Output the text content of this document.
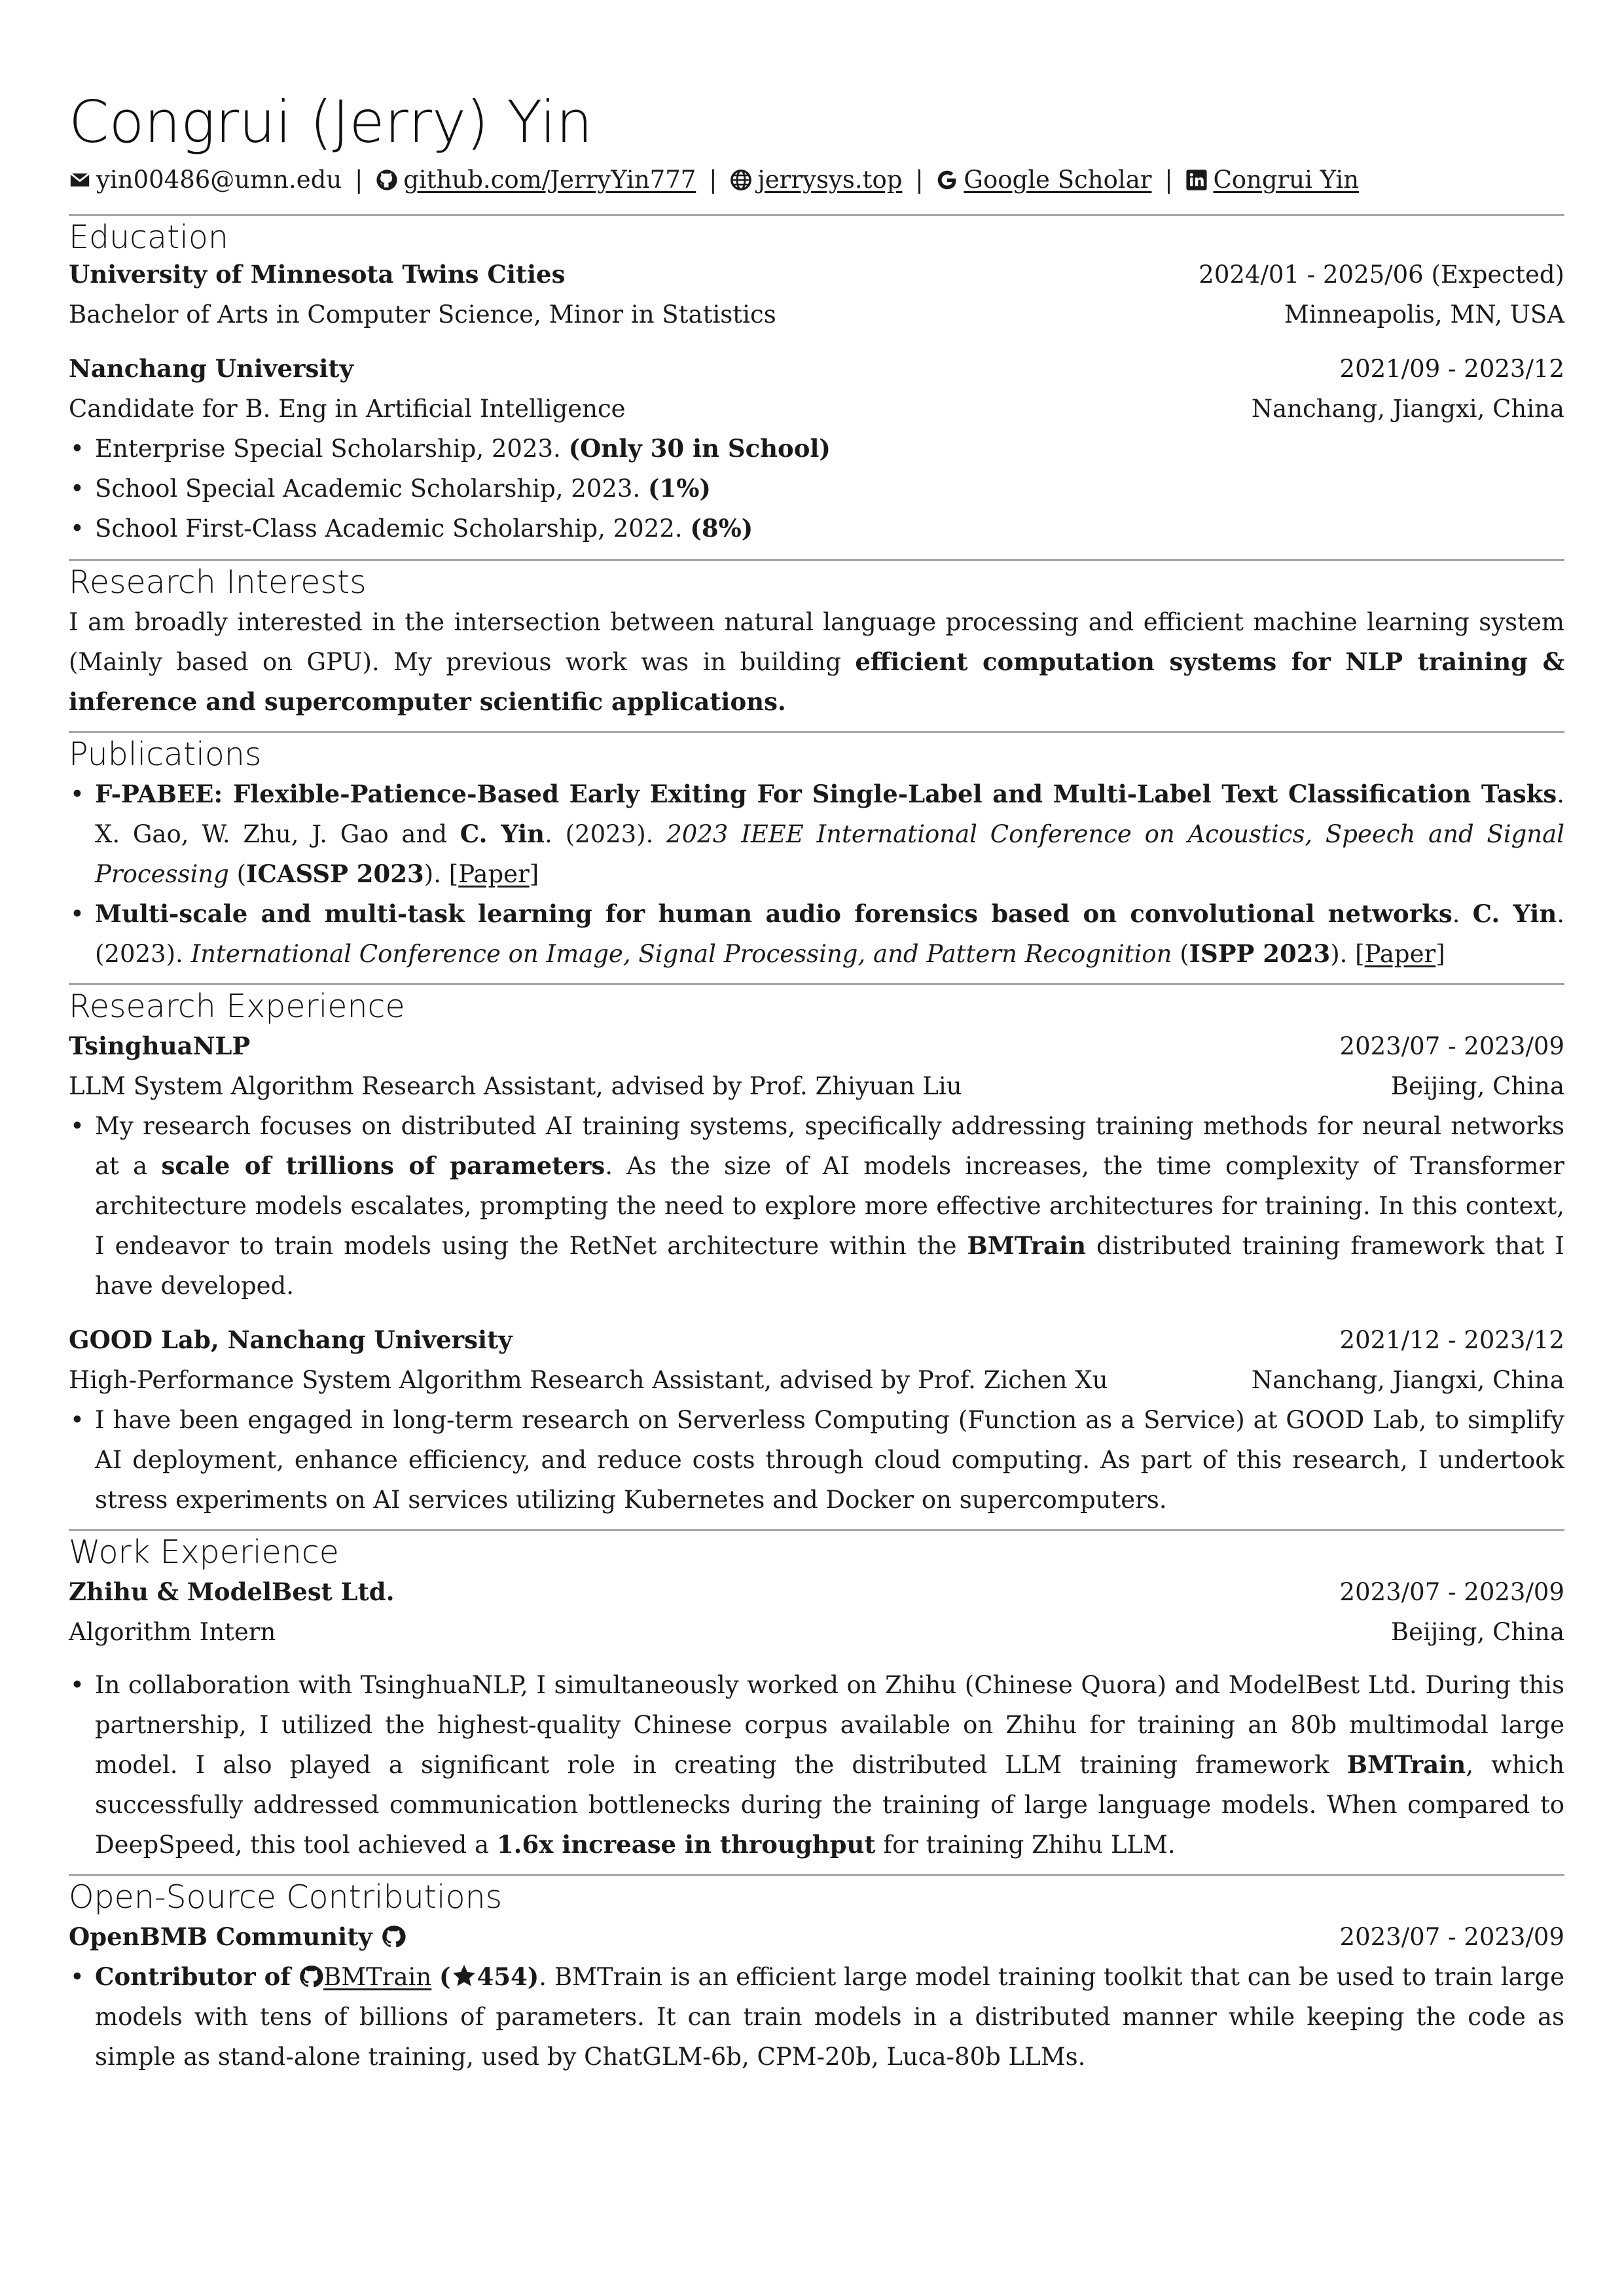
Congrui (Jerry) Yin
yin00486@umn.edu | github.com/JerryYin777 | jerrysys.top | Google Scholar | Congrui Yin
Education
University of Minnesota Twins Cities	2024/01 - 2025/06 (Expected)
Bachelor of Arts in Computer Science, Minor in Statistics	Minneapolis, MN, USA
Nanchang University	2021/09 - 2023/12
Candidate for B. Eng in Artificial Intelligence	Nanchang, Jiangxi, China
• Enterprise Special Scholarship, 2023. (Only 30 in School)
• School Special Academic Scholarship, 2023. (1%)
• School First-Class Academic Scholarship, 2022. (8%)
Research Interests
I am broadly interested in the intersection between natural language processing and efficient machine learning system (Mainly based on GPU). My previous work was in building efficient computation systems for NLP training & inference and supercomputer scientific applications.
Publications
• F-PABEE: Flexible-Patience-Based Early Exiting For Single-Label and Multi-Label Text Classification Tasks. X. Gao, W. Zhu, J. Gao and C. Yin. (2023). 2023 IEEE International Conference on Acoustics, Speech and Signal Processing (ICASSP 2023). [Paper]
• Multi-scale and multi-task learning for human audio forensics based on convolutional networks. C. Yin. (2023). International Conference on Image, Signal Processing, and Pattern Recognition (ISPP 2023). [Paper]
Research Experience
TsinghuaNLP	2023/07 - 2023/09
LLM System Algorithm Research Assistant, advised by Prof. Zhiyuan Liu	Beijing, China
• My research focuses on distributed AI training systems, specifically addressing training methods for neural networks at a scale of trillions of parameters. As the size of AI models increases, the time complexity of Transformer architecture models escalates, prompting the need to explore more effective architectures for training. In this context, I endeavor to train models using the RetNet architecture within the BMTrain distributed training framework that I have developed.
GOOD Lab, Nanchang University	2021/12 - 2023/12
High-Performance System Algorithm Research Assistant, advised by Prof. Zichen Xu	Nanchang, Jiangxi, China
• I have been engaged in long-term research on Serverless Computing (Function as a Service) at GOOD Lab, to simplify AI deployment, enhance efficiency, and reduce costs through cloud computing. As part of this research, I undertook stress experiments on AI services utilizing Kubernetes and Docker on supercomputers.
Work Experience
Zhihu & ModelBest Ltd.	2023/07 - 2023/09
Algorithm Intern	Beijing, China
• In collaboration with TsinghuaNLP, I simultaneously worked on Zhihu (Chinese Quora) and ModelBest Ltd. During this partnership, I utilized the highest-quality Chinese corpus available on Zhihu for training an 80b multimodal large model. I also played a significant role in creating the distributed LLM training framework BMTrain, which successfully addressed communication bottlenecks during the training of large language models. When compared to DeepSpeed, this tool achieved a 1.6x increase in throughput for training Zhihu LLM.
Open-Source Contributions
OpenBMB Community	2023/07 - 2023/09
• Contributor of BMTrain ( 454). BMTrain is an efficient large model training toolkit that can be used to train large models with tens of billions of parameters. It can train models in a distributed manner while keeping the code as simple as stand-alone training, used by ChatGLM-6b, CPM-20b, Luca-80b LLMs.
